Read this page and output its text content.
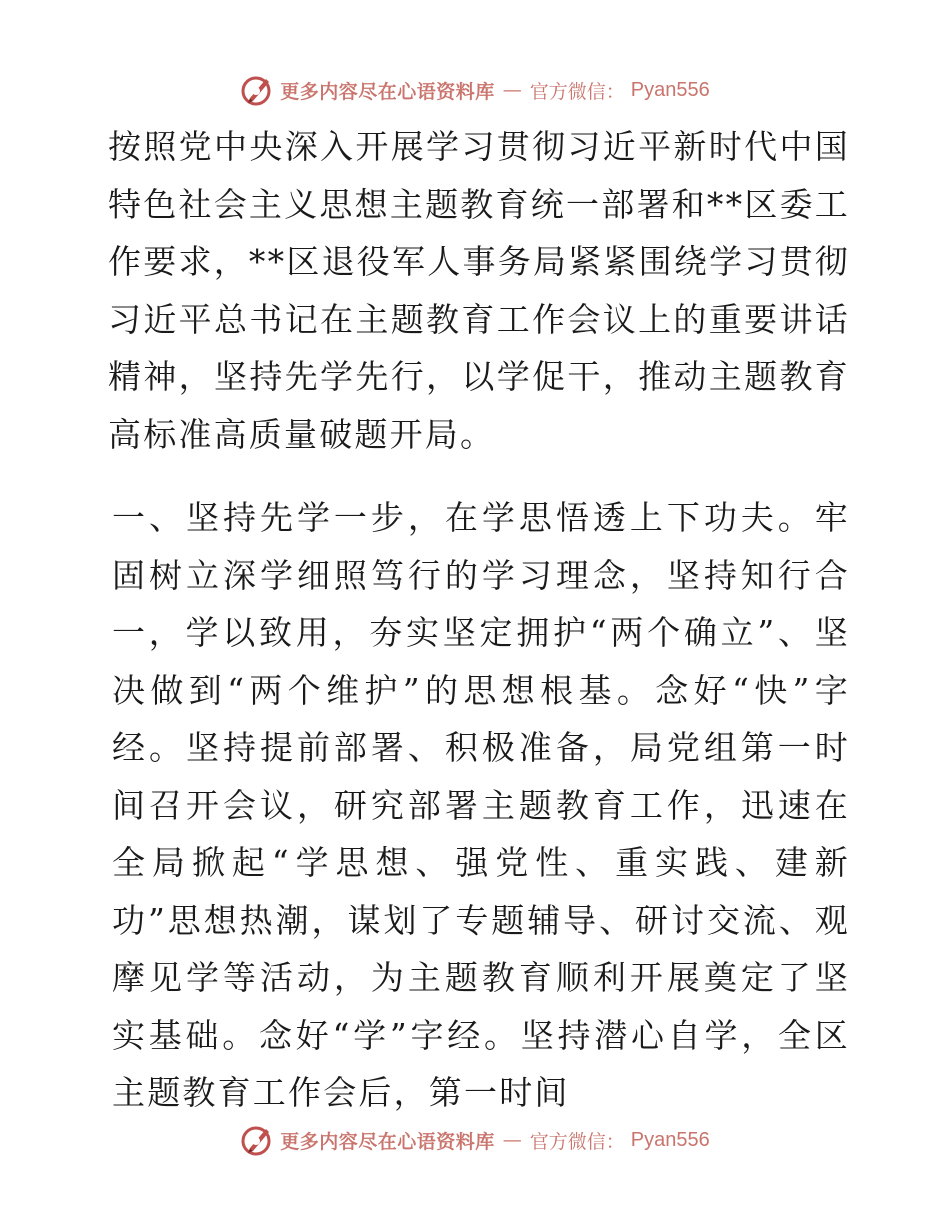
更多内容尽在心语资料库 — 官方微信： Pyan556

按照党中央深入开展学习贯彻习近平新时代中国特色社会主义思想主题教育统一部署和**区委工作要求，**区退役军人事务局紧紧围绕学习贯彻习近平总书记在主题教育工作会议上的重要讲话精神，坚持先学先行，以学促干，推动主题教育高标准高质量破题开局。

一、坚持先学一步，在学思悟透上下功夫。牢固树立深学细照笃行的学习理念，坚持知行合一，学以致用，夯实坚定拥护“两个确立”、坚决做到“两个维护”的思想根基。念好“快”字经。坚持提前部署、积极准备，局党组第一时间召开会议，研究部署主题教育工作，迅速在全局掀起“学思想、强党性、重实践、建新功”思想热潮，谋划了专题辅导、研讨交流、观摩见学等活动，为主题教育顺利开展奠定了坚实基础。念好“学”字经。坚持潜心自学，全区主题教育工作会后，第一时间

更多内容尽在心语资料库 — 官方微信： Pyan556
